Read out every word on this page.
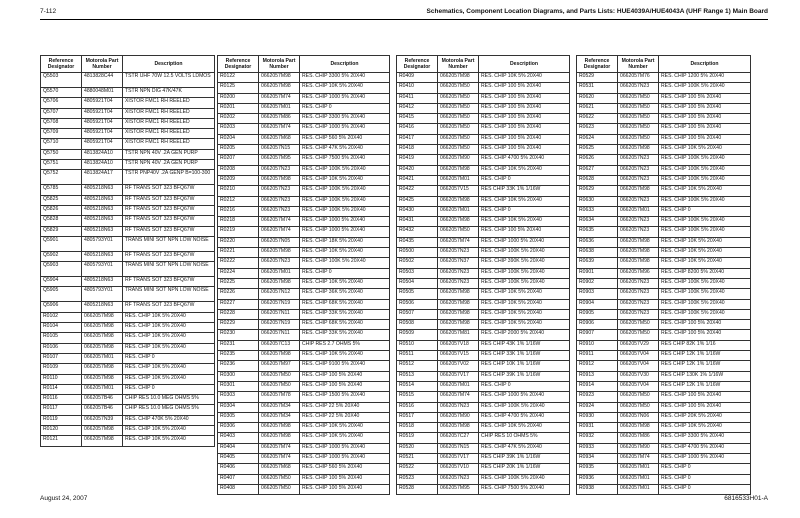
7-112	Schematics, Component Location Diagrams, and Parts Lists: HUE4039A/HUE4043A (UHF Range 1) Main Board
Reference Designator	Motorola Part Number	Description
Q5503	4813828C44	TSTR UHF 70W 12.5 VOLTS LDMOS
Q5570	4880048M01	TSTR NPN DIG 47K/47K
Q5706	4805921T04	XISTOR FMC1 RH REELED
Q5707	4805921T04	XISTOR FMC1 RH REELED
Q5708	4805921T04	XISTOR FMC1 RH REELED
Q5709	4805921T04	XISTOR FMC1 RH REELED
Q5710	4805921T04	XISTOR FMC1 RH REELED
Q5750	4813824A10	TSTR NPN 40V .2A GEN PURP
Q5751	4813824A10	TSTR NPN 40V .2A GEN PURP
Q5752	4813824A17	TSTR PNP40V .2A GENP B=100-300
Q5785	4805218N63	RF TRANS SOT 323 BFQ67W
Q5825	4805218N63	RF TRANS SOT 323 BFQ67W
Q5826	4805218N63	RF TRANS SOT 323 BFQ67W
Q5828	4805218N63	RF TRANS SOT 323 BFQ67W
Q5829	4805218N63	RF TRANS SOT 323 BFQ67W
Q5901	4805793Y01	TRANS MINI SOT NPN LOW NOISE
Q5902	4805218N63	RF TRANS SOT 323 BFQ67W
Q5903	4805793Y01	TRANS MINI SOT NPN LOW NOISE
Q5904	4805218N63	RF TRANS SOT 323 BFQ67W
Q5905	4805793Y01	TRANS MINI SOT NPN LOW NOISE
Q5906	4805218N63	RF TRANS SOT 323 BFQ67W
R0102	0662057M98	RES. CHIP 10K 5% 20X40
R0104	0662057M98	RES. CHIP 10K 5% 20X40
R0105	0662057M98	RES. CHIP 10K 5% 20X40
R0106	0662057M98	RES. CHIP 10K 5% 20X40
R0107	0662057M01	RES. CHIP 0
R0109	0662057M98	RES. CHIP 10K 5% 20X40
R0110	0662057M98	RES. CHIP 10K 5% 20X40
R0114	0662057M01	RES. CHIP 0
R0116	0662057B46	CHIP RES 10.0 MEG OHMS 5%
R0117	0662057B46	CHIP RES 10.0 MEG OHMS 5%
R0119	0662057N39	RES. CHIP 470K 5% 20X40
R0120	0662057M98	RES. CHIP 10K 5% 20X40
R0121	0662057M98	RES. CHIP 10K 5% 20X40
Reference Designator	Motorola Part Number	Description
R0122	0662057M98	RES. CHIP 3300 5% 20X40
R0125	0662057M98	RES. CHIP 10K 5% 20X40
R0200	0662057M74	RES. CHIP 1000 5% 20X40
R0201	0662057M01	RES. CHIP 0
R0202	0662057M86	RES. CHIP 3300 5% 20X40
R0203	0662057M74	RES. CHIP 1000 5% 20X40
R0204	0662057M68	RES. CHIP 560 5% 20X40
R0205	0662057N15	RES. CHIP 47K 5% 20X40
R0207	0662057M95	RES. CHIP 7500 5% 20X40
R0208	0662057N23	RES. CHIP 100K 5% 20X40
R0209	0662057M98	RES. CHIP 10K 5% 20X40
R0210	0662057N23	RES. CHIP 100K 5% 20X40
R0212	0662057N23	RES. CHIP 100K 5% 20X40
R0216	0662057N23	RES. CHIP 100K 5% 20X40
R0218	0662057M74	RES. CHIP 1000 5% 20X40
R0219	0662057M74	RES. CHIP 1000 5% 20X40
R0220	0662057N05	RES. CHIP 18K 5% 20X40
R0221	0662057M98	RES. CHIP 10K 5% 20X40
R0222	0662057N23	RES. CHIP 100K 5% 20X40
R0224	0662057M01	RES. CHIP 0
R0225	0662057M98	RES. CHIP 10K 5% 20X40
R0226	0662057N12	RES. CHIP 36K 5% 20X40
R0227	0662057N19	RES. CHIP 68K 5% 20X40
R0228	0662057N11	RES. CHIP 33K 5% 20X40
R0229	0662057N19	RES. CHIP 68K 5% 20X40
R0230	0662057N11	RES. CHIP 33K 5% 20X40
R0231	0662057C13	CHIP RES 2.7 OHMS 5%
R0235	0662057M98	RES. CHIP 10K 5% 20X40
R0236	0662057M97	RES. CHIP 9100 5% 20X40
R0300	0662057M50	RES. CHIP 100 5% 20X40
R0301	0662057M50	RES. CHIP 100 5% 20X40
R0303	0662057M78	RES. CHIP 1500 5% 20X40
R0304	0662057M34	RES. CHIP 22 5% 20X40
R0305	0662057M34	RES. CHIP 22 5% 20X40
R0306	0662057M98	RES. CHIP 10K 5% 20X40
R0403	0662057M98	RES. CHIP 10K 5% 20X40
R0404	0662057M74	RES. CHIP 1000 5% 20X40
R0405	0662057M74	RES. CHIP 1000 5% 20X40
R0406	0662057M68	RES. CHIP 560 5% 20X40
R0407	0662057M50	RES. CHIP 100 5% 20X40
R0408	0662057M50	RES. CHIP 100 5% 20X40
Reference Designator	Motorola Part Number	Description
R0409	0662057M98	RES. CHIP 10K 5% 20X40
R0410	0662057M50	RES. CHIP 100 5% 20X40
R0411	0662057M50	RES. CHIP 100 5% 20X40
R0412	0662057M50	RES. CHIP 100 5% 20X40
R0415	0662057M50	RES. CHIP 100 5% 20X40
R0416	0662057M50	RES. CHIP 100 5% 20X40
R0417	0662057M50	RES. CHIP 100 5% 20X40
R0418	0662057M50	RES. CHIP 100 5% 20X40
R0419	0662057M90	RES. CHIP 4700 5% 20X40
R0420	0662057M98	RES. CHIP 10K 5% 20X40
R0421	0662057M01	RES. CHIP 0
R0422	0662057V15	RES CHIP 33K 1% 1/16W
R0425	0662057M98	RES. CHIP 10K 5% 20X40
R0430	0662057M01	RES. CHIP 0
R0431	0662057M98	RES. CHIP 10K 5% 20X40
R0432	0662057M50	RES. CHIP 100 5% 20X40
R0435	0662057M74	RES. CHIP 1000 5% 20X40
R0500	0662057N23	RES. CHIP 100K 5% 20X40
R0502	0662057N37	RES. CHIP 390K 5% 20X40
R0503	0662057N23	RES. CHIP 100K 5% 20X40
R0504	0662057N23	RES. CHIP 100K 5% 20X40
R0505	0662057M98	RES. CHIP 10K 5% 20X40
R0506	0662057M98	RES. CHIP 10K 5% 20X40
R0507	0662057M98	RES. CHIP 10K 5% 20X40
R0508	0662057M98	RES. CHIP 10K 5% 20X40
R0509	0662057M81	RES. CHIP 2000 5% 20X40
R0510	0662057V18	RES CHIP 43K 1% 1/16W
R0511	0662057V15	RES CHIP 33K 1% 1/16W
R0512	0662057V02	RES CHIP 10K 1% 1/16W
R0513	0662057V17	RES CHIP 39K 1% 1/16W
R0514	0662057M01	RES. CHIP 0
R0515	0662057M74	RES. CHIP 1000 5% 20X40
R0516	0662057N23	RES. CHIP 100K 5% 20X40
R0517	0662057M90	RES. CHIP 4700 5% 20X40
R0518	0662057M98	RES. CHIP 10K 5% 20X40
R0519	0662057C27	CHIP RES 10 OHMS 5%
R0520	0662057N15	RES. CHIP 47K 5% 20X40
R0521	0662057V17	RES CHIP 39K 1% 1/16W
R0522	0662057V10	RES CHIP 20K 1% 1/16W
R0523	0662057N23	RES. CHIP 100K 5% 20X40
R0528	0662057M95	RES. CHIP 7500 5% 20X40
Reference Designator	Motorola Part Number	Description
R0529	0662057M76	RES. CHIP 1200 5% 20X40
R0531	0662057N23	RES. CHIP 100K 5% 20X40
R0620	0662057M50	RES. CHIP 100 5% 20X40
R0621	0662057M50	RES. CHIP 100 5% 20X40
R0622	0662057M50	RES. CHIP 100 5% 20X40
R0623	0662057M50	RES. CHIP 100 5% 20X40
R0624	0662057M50	RES. CHIP 100 5% 20X40
R0625	0662057M98	RES. CHIP 10K 5% 20X40
R0626	0662057N23	RES. CHIP 100K 5% 20X40
R0627	0662057N23	RES. CHIP 100K 5% 20X40
R0628	0662057N23	RES. CHIP 100K 5% 20X40
R0629	0662057M98	RES. CHIP 10K 5% 20X40
R0630	0662057N23	RES. CHIP 100K 5% 20X40
R0633	0662057M01	RES. CHIP 0
R0634	0662057N23	RES. CHIP 100K 5% 20X40
R0635	0662057N23	RES. CHIP 100K 5% 20X40
R0636	0662057M98	RES. CHIP 10K 5% 20X40
R0638	0662057M98	RES. CHIP 10K 5% 20X40
R0639	0662057M98	RES. CHIP 10K 5% 20X40
R0901	0662057M96	RES. CHIP 8200 5% 20X40
R0902	0662057N23	RES. CHIP 100K 5% 20X40
R0903	0662057N23	RES. CHIP 100K 5% 20X40
R0904	0662057N23	RES. CHIP 100K 5% 20X40
R0905	0662057N23	RES. CHIP 100K 5% 20X40
R0906	0662057M50	RES. CHIP 100 5% 20X40
R0907	0662057M50	RES. CHIP 100 5% 20X40
R0910	0662057V29	RES CHIP 82K 1% 1/16
R0911	0662057V04	RES CHIP 12K 1% 1/16W
R0912	0662057V04	RES CHIP 12K 1% 1/16W
R0913	0662057V30	RES CHIP 130K 1% 1/16W
R0914	0662057V04	RES CHIP 12K 1% 1/16W
R0923	0662057M50	RES. CHIP 100 5% 20X40
R0924	0662057M50	RES. CHIP 100 5% 20X40
R0930	0662057N06	RES. CHIP 20K 5% 20X40
R0931	0662057M98	RES. CHIP 10K 5% 20X40
R0932	0662057M86	RES. CHIP 3300 5% 20X40
R0933	0662057M90	RES. CHIP 4700 5% 20X40
R0934	0662057M74	RES. CHIP 1000 5% 20X40
R0935	0662057M01	RES. CHIP 0
R0936	0662057M01	RES. CHIP 0
R0938	0662057M01	RES. CHIP 0
August 24, 2007	6816533H01-A
